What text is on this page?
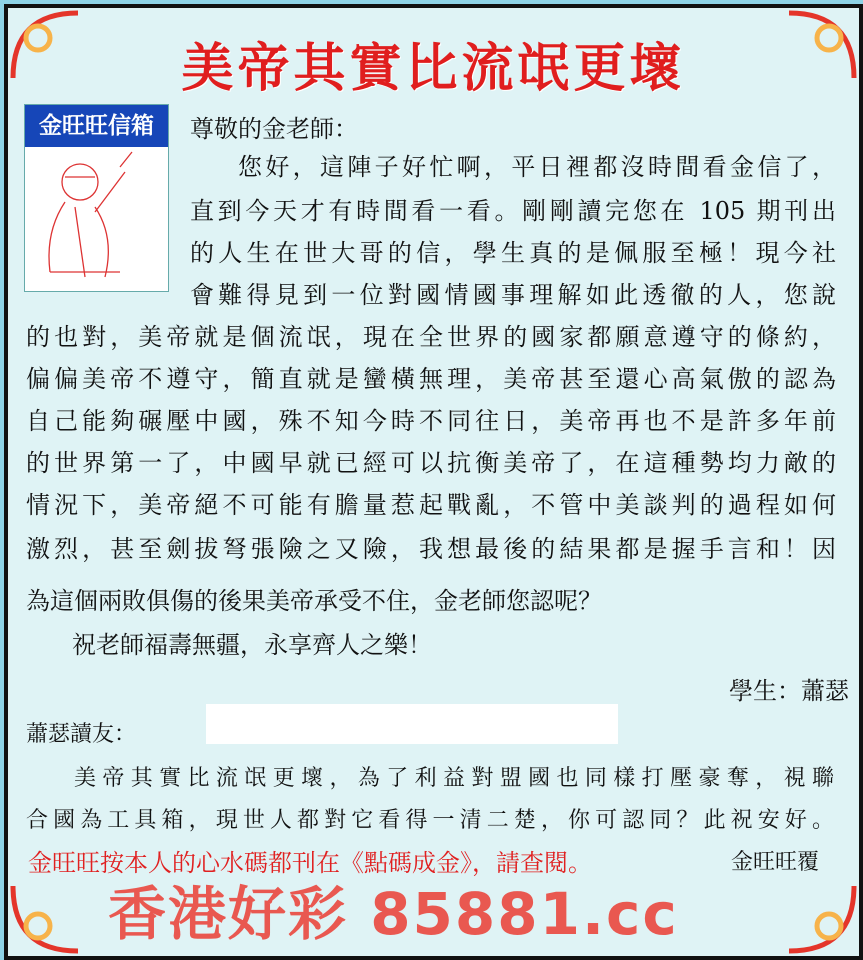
美帝其實比流氓更壞
金旺旺信箱	尊敬的金老師：
您好，這陣子好忙啊，平日裡都沒時間看金信了，
直到今天才有時間看一看。剛剛讀完您在 105 期刊出
的人生在世大哥的信，學生真的是佩服至極！現今社
會難得見到一位對國情國事理解如此透徹的人，您說
的也對，美帝就是個流氓，現在全世界的國家都願意遵守的條約，
偏偏美帝不遵守，簡直就是蠻橫無理，美帝甚至還心高氣傲的認為
自己能夠碾壓中國，殊不知今時不同往日，美帝再也不是許多年前
的世界第一了，中國早就已經可以抗衡美帝了，在這種勢均力敵的
情況下，美帝絕不可能有膽量惹起戰亂，不管中美談判的過程如何
激烈，甚至劍拔弩張險之又險，我想最後的結果都是握手言和！因
為這個兩敗俱傷的後果美帝承受不住，金老師您認呢？
祝老師福壽無疆，永享齊人之樂！
學生：蕭瑟
蕭瑟讀友：
美帝其實比流氓更壞，為了利益對盟國也同樣打壓豪奪，視聯
合國為工具箱，現世人都對它看得一清二楚，你可認同？此祝安好。
金旺旺覆
金旺旺按本人的心水碼都刊在《點碼成金》，請查閱。
香港好彩 85881.cc
